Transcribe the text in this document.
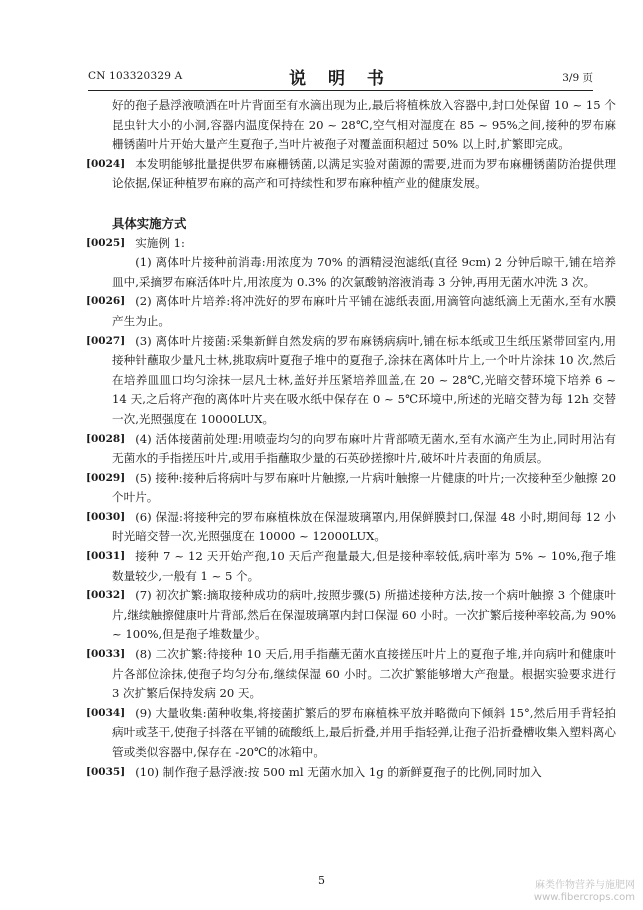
CN 103320329 A	说 明 书	3/9 页

好的孢子悬浮液喷洒在叶片背面至有水滴出现为止,最后将植株放入容器中,封口处保留 10 ~ 15 个昆虫针大小的小洞,容器内温度保持在 20 ~ 28℃,空气相对湿度在 85 ~ 95%之间,接种的罗布麻栅锈菌叶片开始大量产生夏孢子,当叶片被孢子对覆盖面积超过 50% 以上时,扩繁即完成。

[0024] 本发明能够批量提供罗布麻栅锈菌,以满足实验对菌源的需要,进而为罗布麻栅锈菌防治提供理论依据,保证种植罗布麻的高产和可持续性和罗布麻种植产业的健康发展。

具体实施方式

[0025] 实施例 1:

(1) 离体叶片接种前消毒:用浓度为 70% 的酒精浸泡滤纸(直径 9cm) 2 分钟后晾干,铺在培养皿中,采摘罗布麻活体叶片,用浓度为 0.3% 的次氯酸钠溶液消毒 3 分钟,再用无菌水冲洗 3 次。

[0026] (2) 离体叶片培养:将冲洗好的罗布麻叶片平铺在滤纸表面,用滴管向滤纸滴上无菌水,至有水膜产生为止。

[0027] (3) 离体叶片接菌:采集新鲜自然发病的罗布麻锈病病叶,铺在标本纸或卫生纸压紧带回室内,用接种针蘸取少量凡士林,挑取病叶夏孢子堆中的夏孢子,涂抹在离体叶片上,一个叶片涂抹 10 次,然后在培养皿皿口均匀涂抹一层凡士林,盖好并压紧培养皿盖,在 20 ~ 28℃,光暗交替环境下培养 6 ~ 14 天,之后将产孢的离体叶片夹在吸水纸中保存在 0 ~ 5℃环境中,所述的光暗交替为每 12h 交替一次,光照强度在 10000LUX。

[0028] (4) 活体接菌前处理:用喷壶均匀的向罗布麻叶片背部喷无菌水,至有水滴产生为止,同时用沾有无菌水的手指搓压叶片,或用手指蘸取少量的石英砂搓擦叶片,破坏叶片表面的角质层。

[0029] (5) 接种:接种后将病叶与罗布麻叶片触擦,一片病叶触擦一片健康的叶片;一次接种至少触擦 20 个叶片。

[0030] (6) 保湿:将接种完的罗布麻植株放在保湿玻璃罩内,用保鲜膜封口,保湿 48 小时,期间每 12 小时光暗交替一次,光照强度在 10000 ~ 12000LUX。

[0031] 接种 7 ~ 12 天开始产孢,10 天后产孢量最大,但是接种率较低,病叶率为 5% ~ 10%,孢子堆数量较少,一般有 1 ~ 5 个。

[0032] (7) 初次扩繁:摘取接种成功的病叶,按照步骤(5) 所描述接种方法,按一个病叶触擦 3 个健康叶片,继续触擦健康叶片背部,然后在保湿玻璃罩内封口保湿 60 小时。一次扩繁后接种率较高,为 90% ~ 100%,但是孢子堆数量少。

[0033] (8) 二次扩繁:待接种 10 天后,用手指蘸无菌水直接搓压叶片上的夏孢子堆,并向病叶和健康叶片各部位涂抹,使孢子均匀分布,继续保湿 60 小时。二次扩繁能够增大产孢量。根据实验要求进行 3 次扩繁后保持发病 20 天。

[0034] (9) 大量收集:菌种收集,将接菌扩繁后的罗布麻植株平放并略微向下倾斜 15°,然后用手背轻拍病叶或茎干,使孢子抖落在平铺的硫酸纸上,最后折叠,并用手指轻弹,让孢子沿折叠槽收集入塑料离心管或类似容器中,保存在 -20℃的冰箱中。

[0035] (10) 制作孢子悬浮液:按 500 ml 无菌水加入 1g 的新鲜夏孢子的比例,同时加入

5	麻类作物营养与施肥网
www.fibercrops.com
